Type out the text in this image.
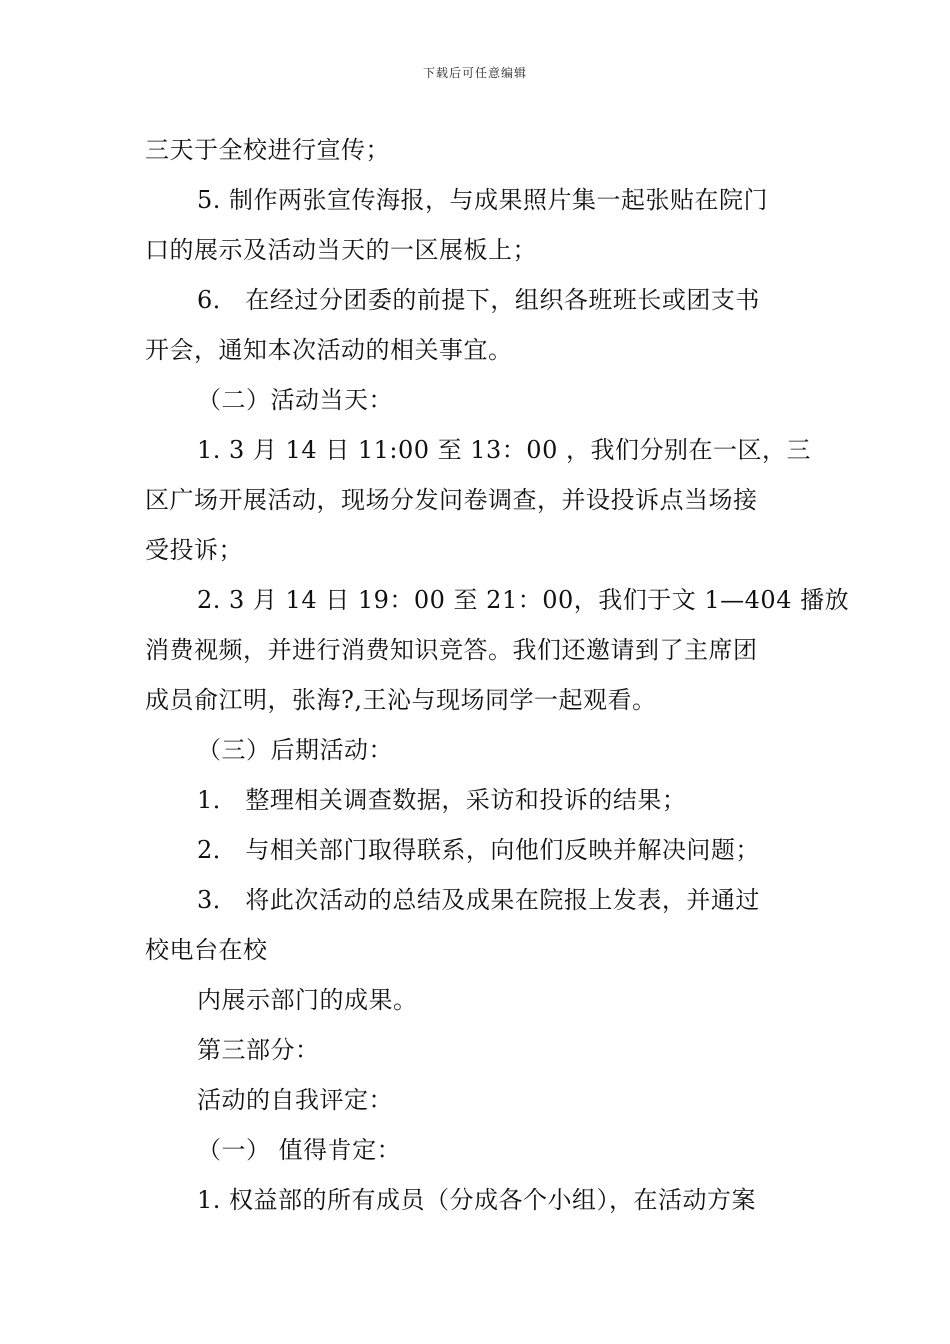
下载后可任意编辑
三天于全校进行宣传；
5. 制作两张宣传海报，与成果照片集一起张贴在院门
口的展示及活动当天的一区展板上；
6． 在经过分团委的前提下，组织各班班长或团支书
开会，通知本次活动的相关事宜。
（二）活动当天：
1. 3 月 14 日 11:00 至 13：00 ，我们分别在一区，三
区广场开展活动，现场分发问卷调查，并设投诉点当场接
受投诉；
2. 3 月 14 日 19：00 至 21：00，我们于文 1—404 播放
消费视频，并进行消费知识竞答。我们还邀请到了主席团
成员俞江明，张海?,王沁与现场同学一起观看。
（三）后期活动：
1． 整理相关调查数据，采访和投诉的结果；
2． 与相关部门取得联系，向他们反映并解决问题；
3． 将此次活动的总结及成果在院报上发表，并通过
校电台在校
内展示部门的成果。
第三部分：
活动的自我评定：
（一） 值得肯定：
1. 权益部的所有成员（分成各个小组），在活动方案
